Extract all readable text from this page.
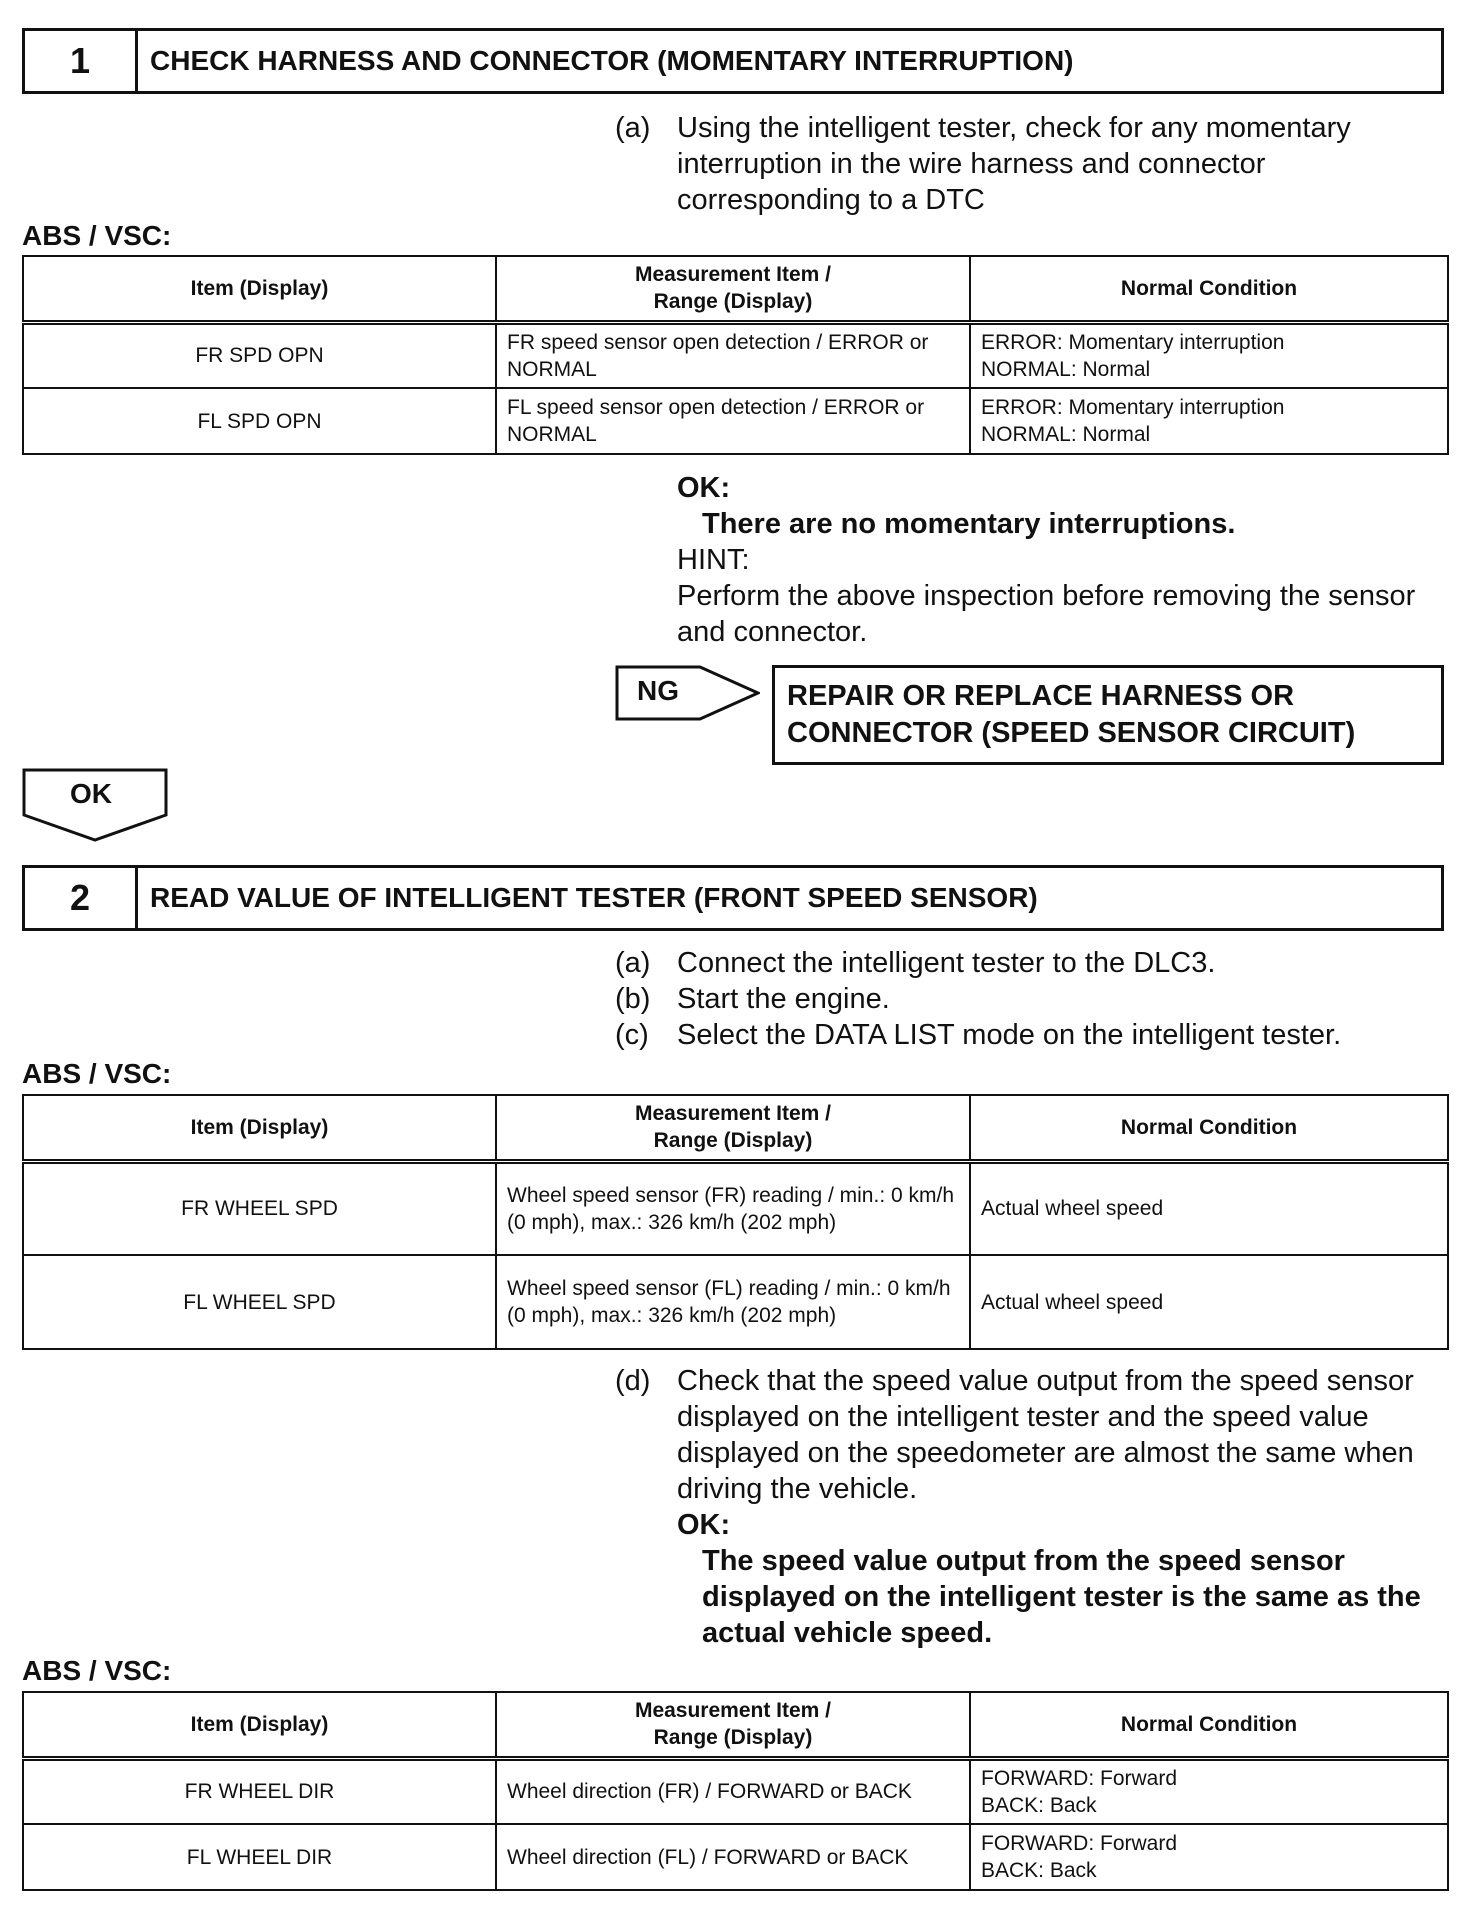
1	CHECK HARNESS AND CONNECTOR (MOMENTARY INTERRUPTION)
(a) Using the intelligent tester, check for any momentary interruption in the wire harness and connector corresponding to a DTC
ABS / VSC:
Item (Display)	Measurement Item / Range (Display)	Normal Condition
FR SPD OPN	FR speed sensor open detection / ERROR or NORMAL	ERROR: Momentary interruption NORMAL: Normal

FL SPD OPN	FL speed sensor open detection / ERROR or NORMAL	ERROR: Momentary interruption NORMAL: Normal
OK:
There are no momentary interruptions.
HINT:
Perform the above inspection before removing the sensor and connector.
NG	REPAIR OR REPLACE HARNESS OR CONNECTOR (SPEED SENSOR CIRCUIT)
OK
2	READ VALUE OF INTELLIGENT TESTER (FRONT SPEED SENSOR)
(a) Connect the intelligent tester to the DLC3.
(b) Start the engine.
(c) Select the DATA LIST mode on the intelligent tester.
ABS / VSC:
Item (Display)	Measurement Item / Range (Display)	Normal Condition
FR WHEEL SPD	Wheel speed sensor (FR) reading / min.: 0 km/h (0 mph), max.: 326 km/h (202 mph)	Actual wheel speed
FL WHEEL SPD	Wheel speed sensor (FL) reading / min.: 0 km/h (0 mph), max.: 326 km/h (202 mph)	Actual wheel speed
(d) Check that the speed value output from the speed sensor displayed on the intelligent tester and the speed value displayed on the speedometer are almost the same when driving the vehicle.
OK:
The speed value output from the speed sensor displayed on the intelligent tester is the same as the actual vehicle speed.
ABS / VSC:
Item (Display)	Measurement Item / Range (Display)	Normal Condition
FR WHEEL DIR	Wheel direction (FR) / FORWARD or BACK	FORWARD: Forward BACK: Back

FL WHEEL DIR	Wheel direction (FL) / FORWARD or BACK	FORWARD: Forward BACK: Back
